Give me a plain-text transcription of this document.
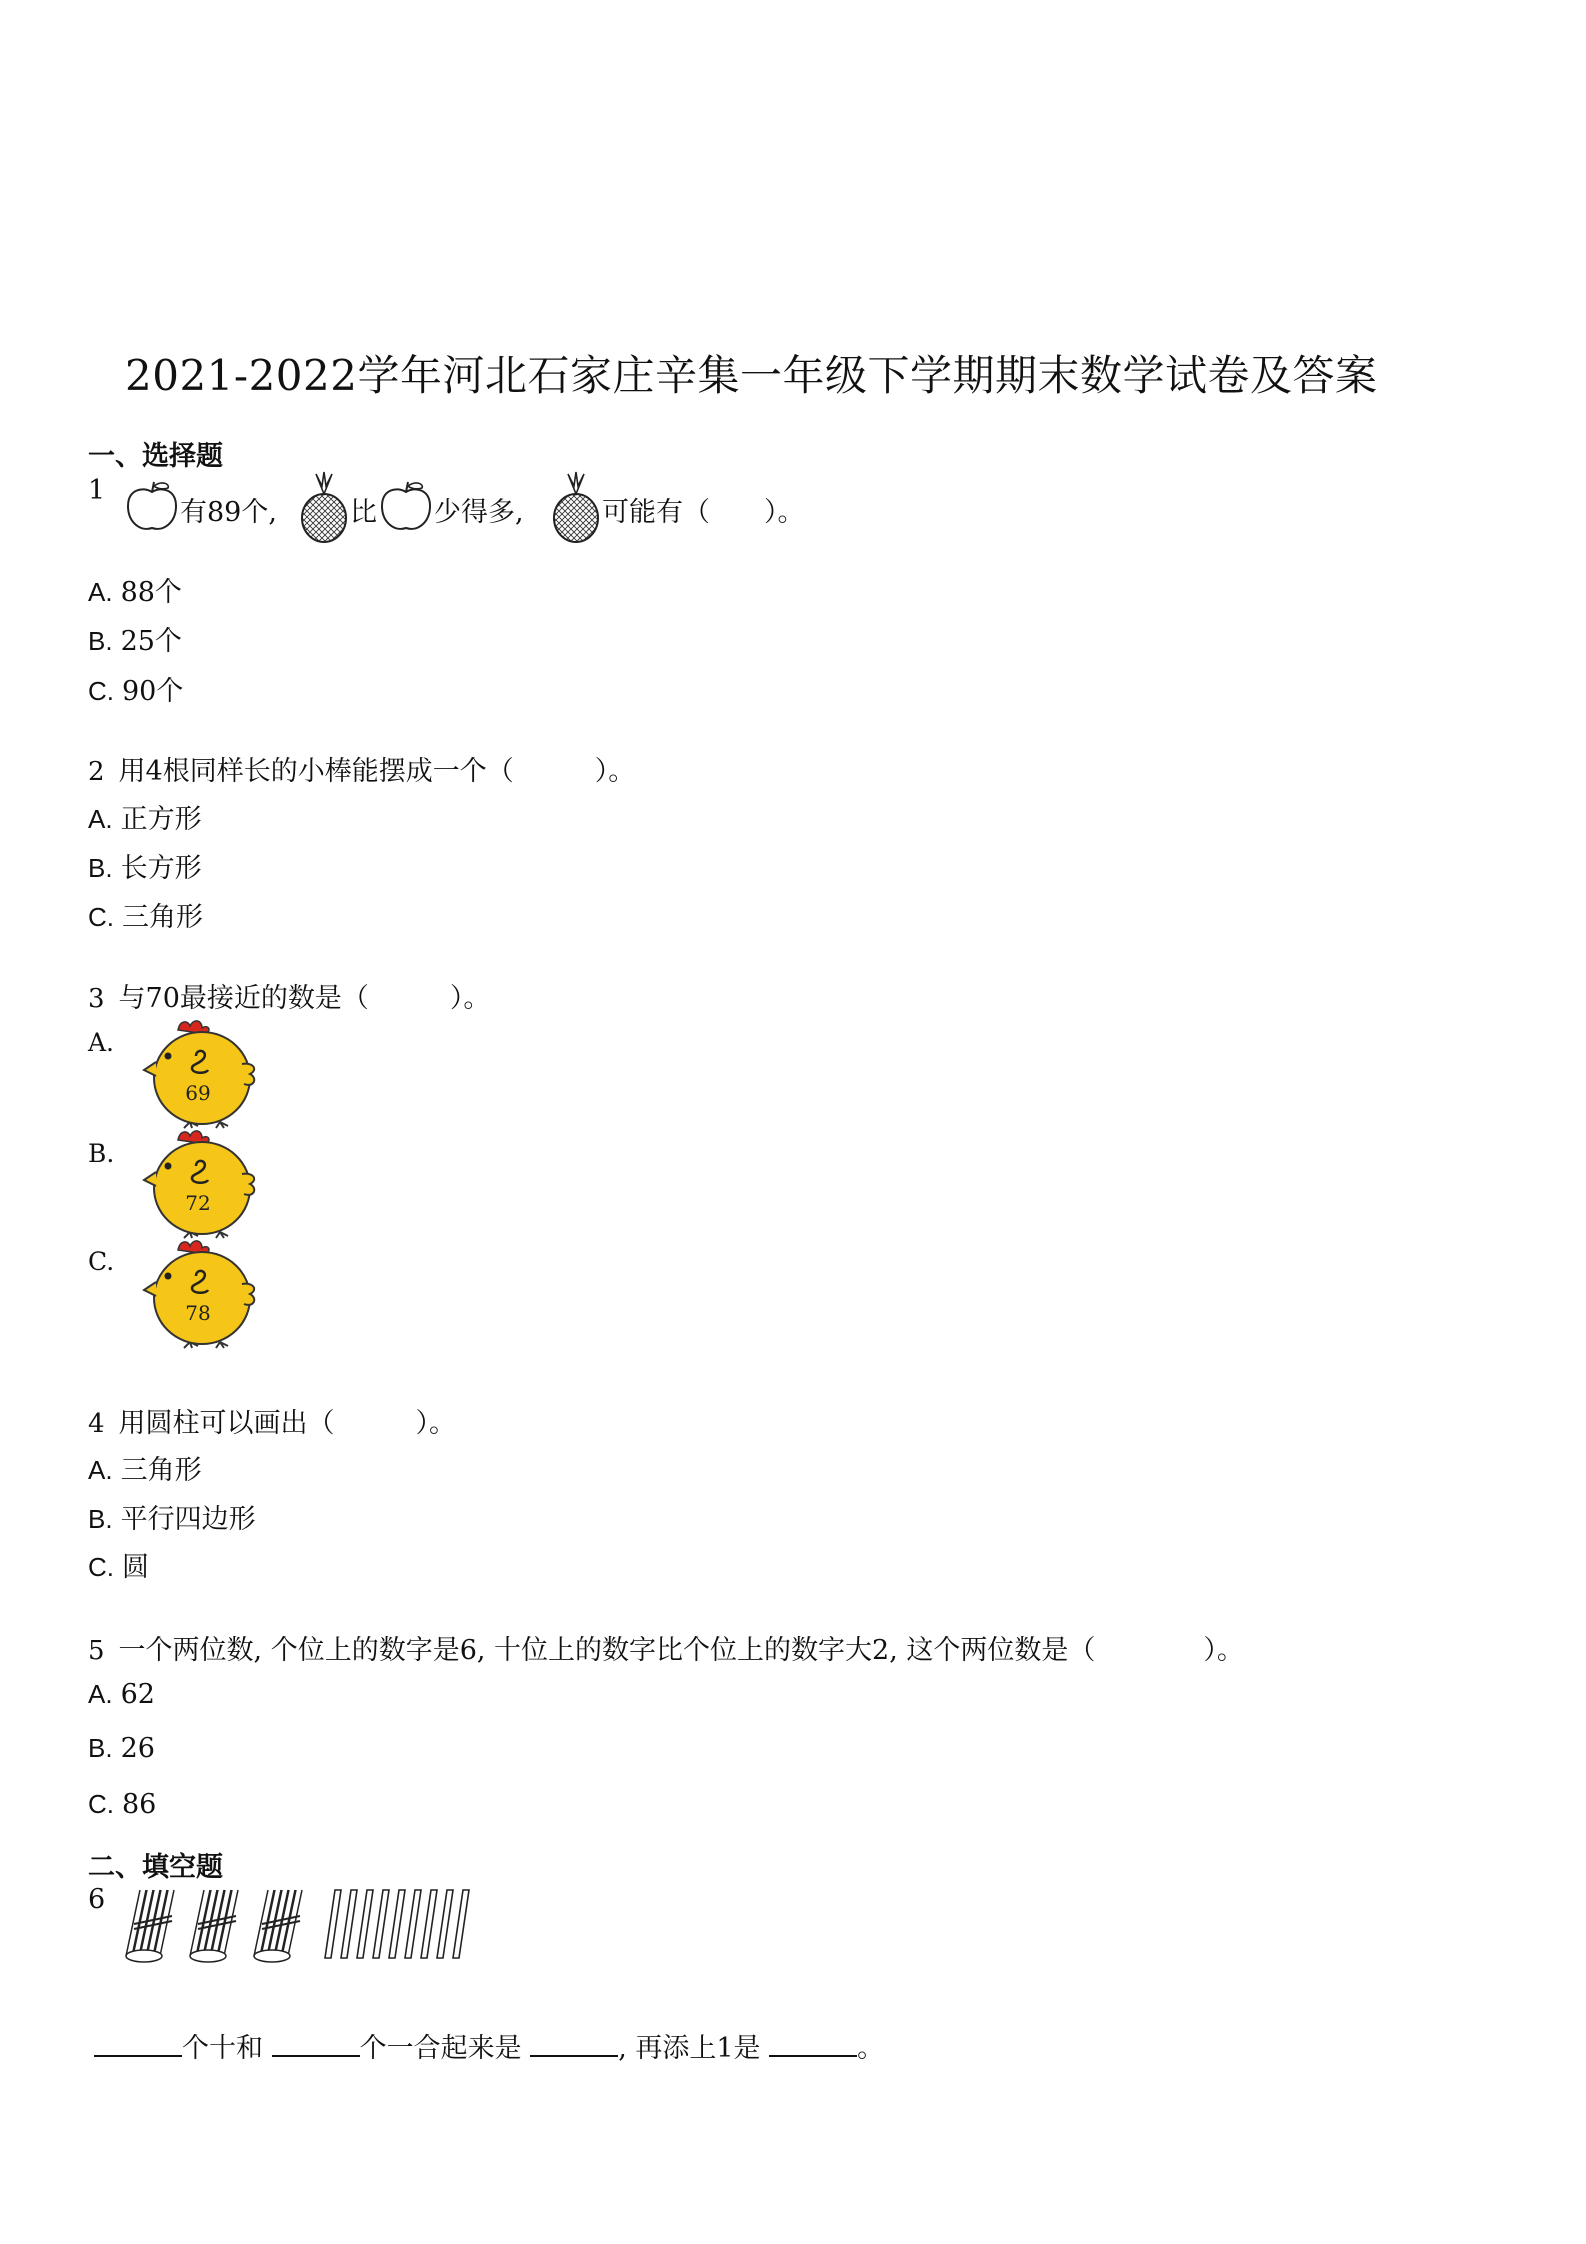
2021-2022学年河北石家庄辛集一年级下学期期末数学试卷及答案
一、选择题
1
有89个,	比 少得多,	可能有（　　）。
A. 88个
B. 25个
C. 90个
2 用4根同样长的小棒能摆成一个（　　　）。
A. 正方形
B. 长方形
C. 三角形
3 与70最接近的数是（　　　）。
A.
B.
C.
69
72
78
4 用圆柱可以画出（　　　）。
A. 三角形
B. 平行四边形
C. 圆
5 一个两位数, 个位上的数字是6, 十位上的数字比个位上的数字大2, 这个两位数是（　　　　）。
A. 62
B. 26
C. 86
二、填空题
6
个十和	个一合起来是	, 再添上1是	。
